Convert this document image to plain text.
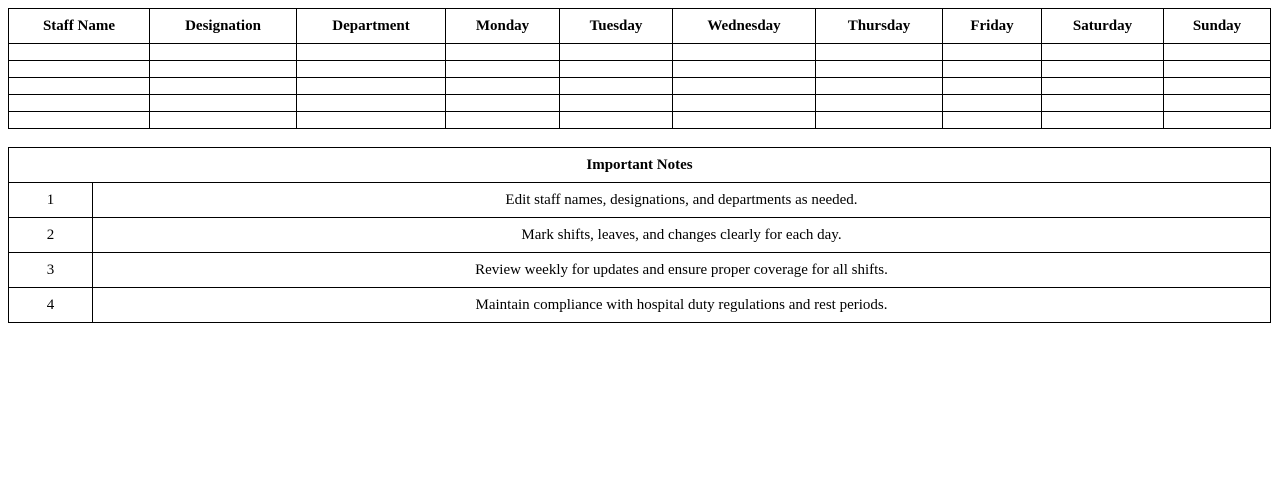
Staff Name	Designation	Department	Monday	Tuesday	Wednesday	Thursday	Friday	Saturday	Sunday

Important Notes	
1	Edit staff names, designations, and departments as needed.
2	Mark shifts, leaves, and changes clearly for each day.
3	Review weekly for updates and ensure proper coverage for all shifts.
4	Maintain compliance with hospital duty regulations and rest periods.
